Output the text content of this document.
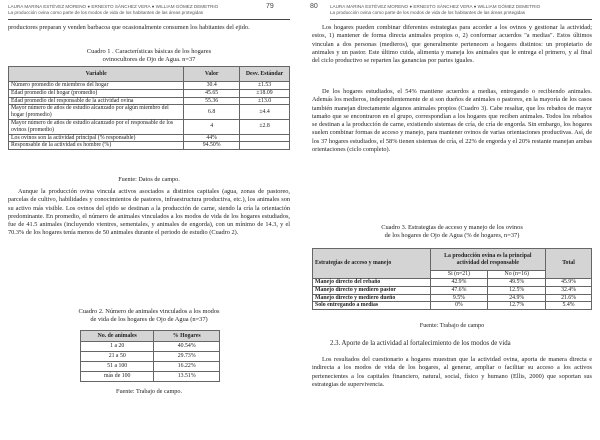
LAURA MARINA ESTÉVEZ MORENO ● ERNESTO SÁNCHEZ VERA ● WILLIAM GÓMEZ DEMETRIO
La producción ovina como parte de los modos de vida de los habitantes de las áreas protegidas
79

productores preparan y venden barbacoa que ocasionalmente consumen los habitantes del ejido.

Cuadro 1 . Características básicas de los hogares
ovinocultores de Ojo de Agua. n=37
Variable	Valor	Desv. Estándar
Número promedio de miembros del hogar	30.4	±1.53
Edad promedio del hogar (promedio)	45.65	±18.09
Edad promedio del responsable de la actividad ovina	55.36	±13.0
Mayor número de años de estudio alcanzado por algún miembro del hogar (promedio)	6.8	±4.4
Mayor número de años de estudio alcanzado por el responsable de los ovinos (promedio)	4	±2.8
Los ovinos son la actividad principal (% responsable)	44%	
Responsable de la actividad es hombre (%)	94.50%	
Fuente: Datos de campo.

Aunque la producción ovina vincula activos asociados a distintos capitales (agua, zonas de pastoreo, parcelas de cultivo, habilidades y conocimientos de pastores, infraestructura productiva, etc.), los animales son su activo más visible. Los ovinos del ejido se destinan a la producción de carne, siendo la cría la orientación predominante. En promedio, el número de animales vinculados a los modos de vida de los hogares estudiados, fue de 41.5 animales (incluyendo vientres, sementales, y animales de engorda), con un mínimo de 14.3, y el 70.3% de los hogares tenía menos de 50 animales durante el periodo de estudio (Cuadro 2).

Cuadro 2. Número de animales vinculados a los modos
de vida de los hogares de Ojo de Agua (n=37)
No. de animales	% Hogares
1 a 20	40.54%
21 a 50	29.73%
51 a 100	16.22%
más de 100	13.51%
Fuente: Trabajo de campo.
80	LAURA MARINA ESTÉVEZ MORENO ● ERNESTO SÁNCHEZ VERA ● WILLIAM GÓMEZ DEMETRIO
La producción ovina como parte de los modos de vida de los habitantes de las áreas protegidas

Los hogares pueden combinar diferentes estrategias para acceder a los ovinos y gestionar la actividad; estos, 1) mantener de forma directa animales propios o, 2) conformar acuerdos "a medias". Estos últimos vinculan a dos personas (medieros), que generalmente pertenecen a hogares distintos: un propietario de animales y un pastor. Este último cuida, alimenta y maneja los animales que le entrega el primero, y al final del ciclo productivo se reparten las ganancias por partes iguales.

De los hogares estudiados, el 54% mantiene acuerdos a medias, entregando o recibiendo animales. Además los medieros, independientemente de si son dueños de animales o pastores, en la mayoría de los casos también manejan directamente algunos animales propios (Cuadro 3). Cabe resaltar, que los rebaños de mayor tamaño que se encontraron en el grupo, correspondían a los hogares que reciben animales. Todos los rebaños se destinan a la producción de carne, existiendo sistemas de cría, de cría de engorda. Sin embargo, los hogares suelen combinar formas de acceso y manejo, para mantener ovinos de varias orientaciones productivas. Así, de los 37 hogares estudiados, el 58% tienen sistemas de cría, el 22% de engorda y el 20% restante manejan ambas orientaciones (ciclo completo).

Cuadro 3. Estrategias de acceso y manejo de los ovinos
de los hogares de Ojo de Agua (% de hogares, n=37)
Estrategias de acceso y manejo	La producción ovina es la principal actividad del responsable		Total
	Sí (n=21)	No (n=16)	
Manejo directo del rebaño	42.9%	49.5%	45.9%
Manejo directo y mediero pastor	47.6%	12.5%	32.4%
Manejo directo y mediero dueño	9.5%	24.9%	21.6%
Solo entregando a medias	0%	12.7%	5.4%
Fuente: Trabajo de campo
2.3. Aporte de la actividad al fortalecimiento de los modos de vida

Los resultados del cuestionario a hogares muestran que la actividad ovina, aporta de manera directa e indirecta a los modos de vida de los hogares, al generar, ampliar o facilitar su acceso a los activos pertenecientes a los capitales financiero, natural, social, físico y humano (Ellis, 2000) que soportan sus estrategias de supervivencia.
